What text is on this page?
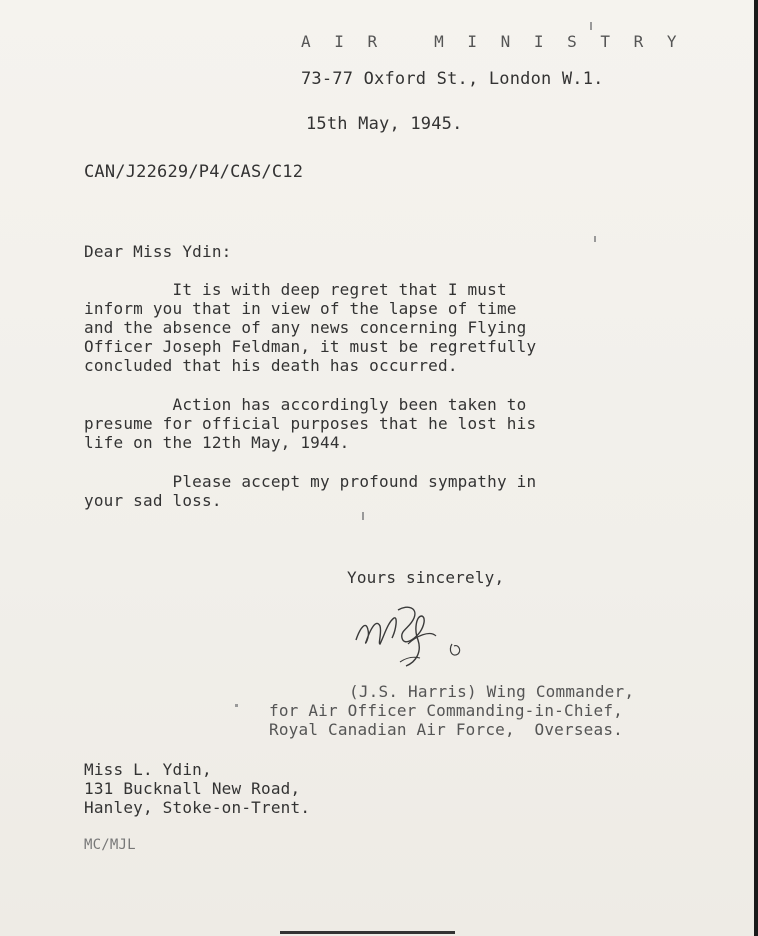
A I R   M I N I S T R Y
73-77 Oxford St., London W.1.
15th May, 1945.
CAN/J22629/P4/CAS/C12
Dear Miss Ydin:
It is with deep regret that I must
inform you that in view of the lapse of time
and the absence of any news concerning Flying
Officer Joseph Feldman, it must be regretfully
concluded that his death has occurred.
Action has accordingly been taken to
presume for official purposes that he lost his
life on the 12th May, 1944.
Please accept my profound sympathy in
your sad loss.
Yours sincerely,
(J.S. Harris) Wing Commander,
for Air Officer Commanding-in-Chief,
Royal Canadian Air Force,  Overseas.
Miss L. Ydin,
131 Bucknall New Road,
Hanley, Stoke-on-Trent.
MC/MJL
